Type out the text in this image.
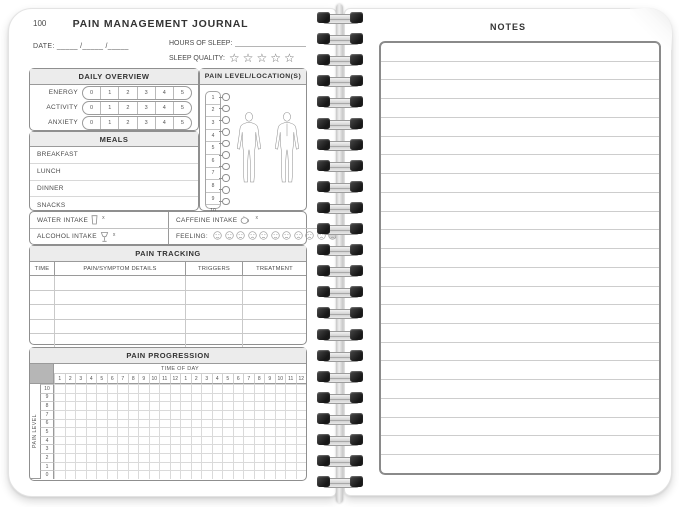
100	PAIN MANAGEMENT JOURNAL
DATE: _____ /_____ /_____	HOURS OF SLEEP:
SLEEP QUALITY: ☆☆☆☆☆
DAILY OVERVIEW
ENERGY	0	1	2	3	4	5
ACTIVITY	0	1	2	3	4	5
ANXIETY	0	1	2	3	4	5
MEALS
BREAKFAST
LUNCH
DINNER
SNACKS
PAIN LEVEL/LOCATION(S)
1
2
3
4
5
6
7
8
9
WATER INTAKE	x	CAFFEINE INTAKE	x
ALCOHOL INTAKE	x	FEELING:
PAIN TRACKING
TIME	PAIN/SYMPTOM DETAILS	TRIGGERS	TREATMENT
PAIN PROGRESSION
TIME OF DAY
1	2	3	4	5	6	7	8	9	10	11	12	1	2	3	4	5	6	7	8	9	10	11	12
PAIN LEVEL
10
9
8
7
6
5
4
3
2
1
0
NOTES
